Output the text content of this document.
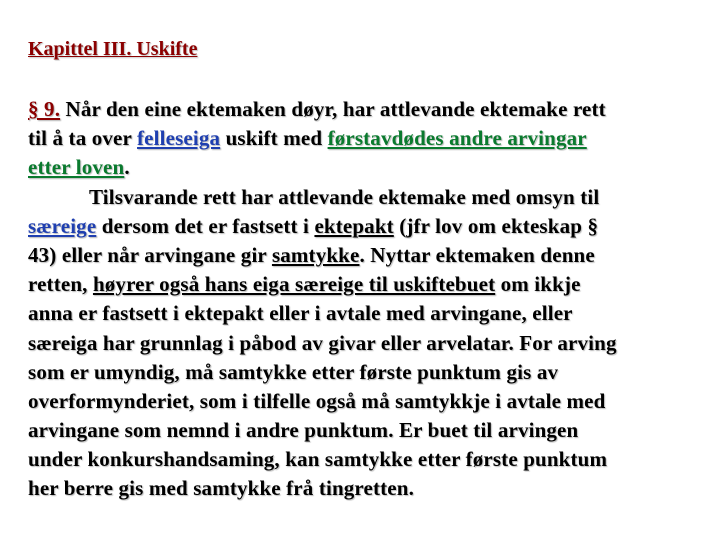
Kapittel III. Uskifte
§ 9. Når den eine ektemaken døyr, har attlevande ektemake rett
til å ta over felleseiga uskift med førstavdødes andre arvingar
etter loven.
Tilsvarande rett har attlevande ektemake med omsyn til
særeige dersom det er fastsett i ektepakt (jfr lov om ekteskap §
43) eller når arvingane gir samtykke. Nyttar ektemaken denne
retten, høyrer også hans eiga særeige til uskiftebuet om ikkje
anna er fastsett i ektepakt eller i avtale med arvingane, eller
særeiga har grunnlag i påbod av givar eller arvelatar. For arving
som er umyndig, må samtykke etter første punktum gis av
overformynderiet, som i tilfelle også må samtykkje i avtale med
arvingane som nemnd i andre punktum. Er buet til arvingen
under konkurshandsaming, kan samtykke etter første punktum
her berre gis med samtykke frå tingretten.
